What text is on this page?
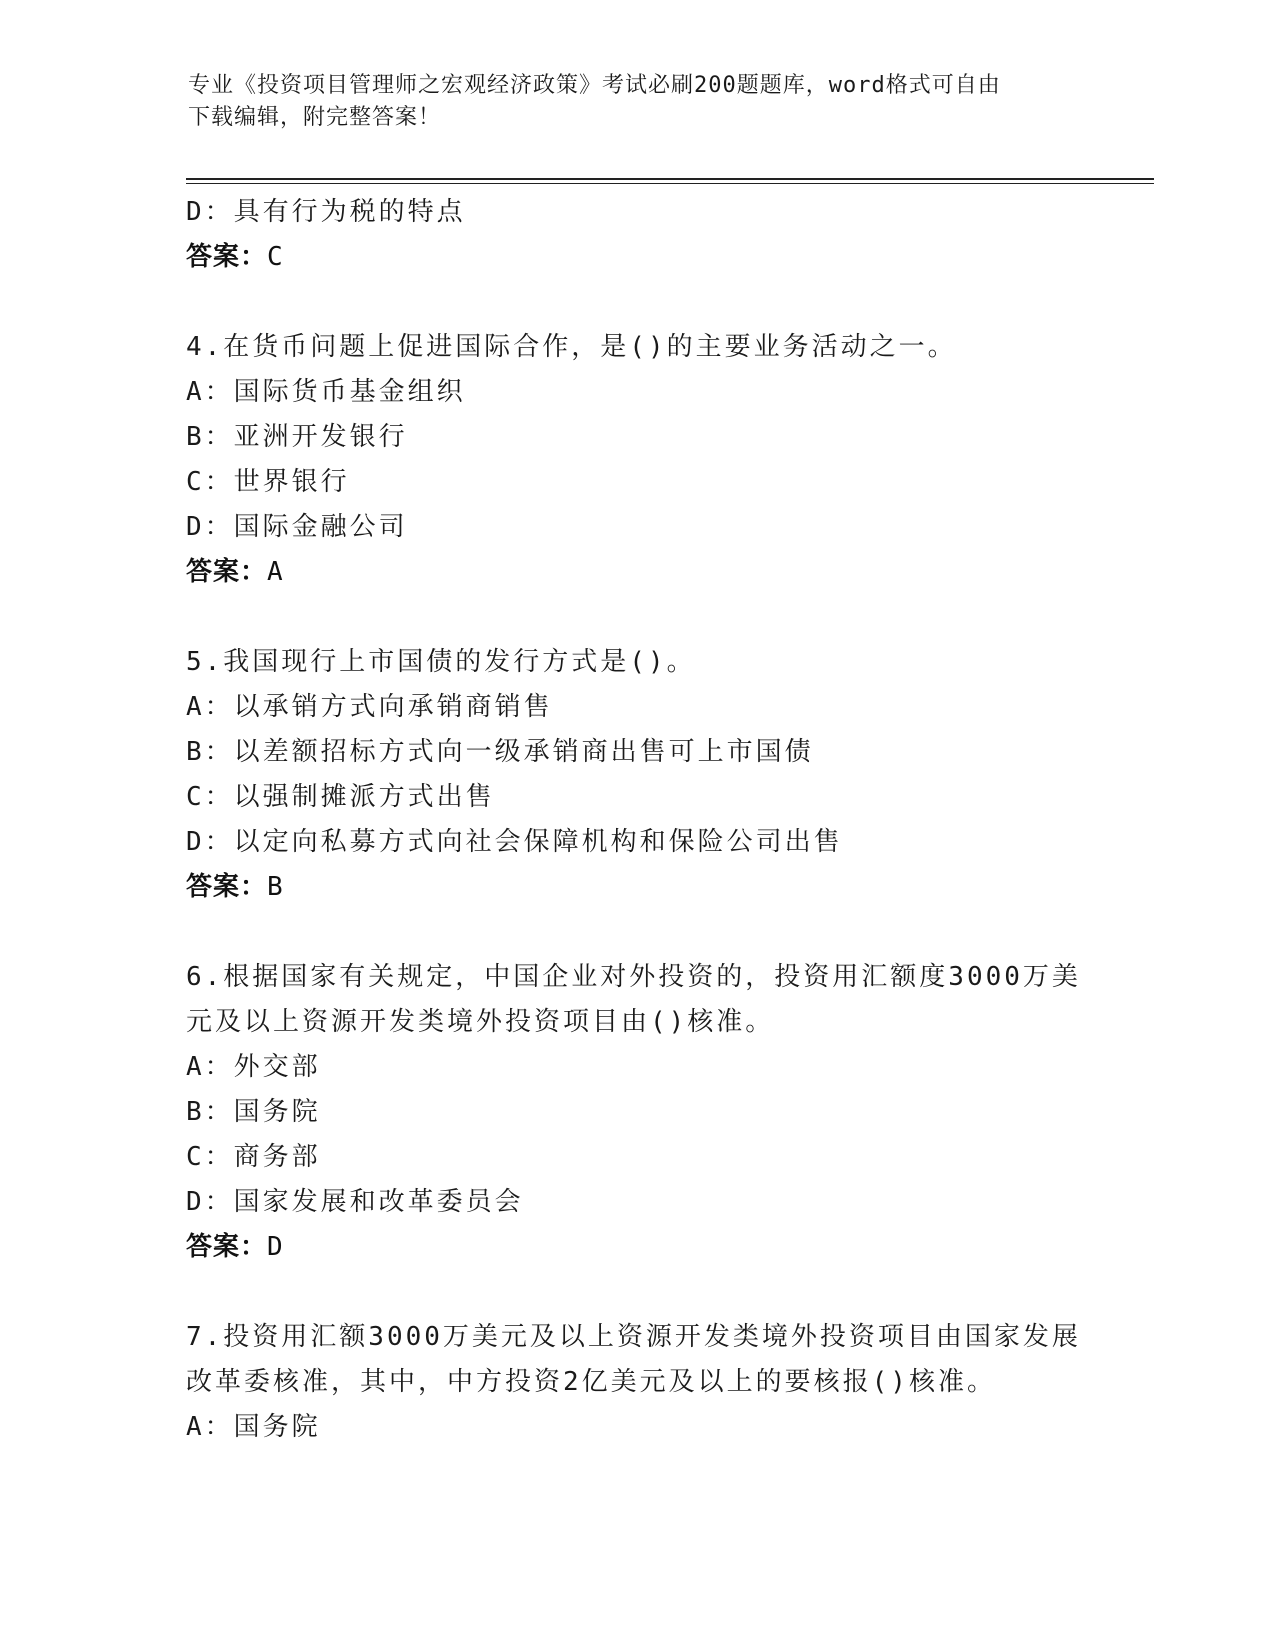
专业《投资项目管理师之宏观经济政策》考试必刷200题题库，word格式可自由
下载编辑，附完整答案！
D：具有行为税的特点
答案：C
4.在货币问题上促进国际合作，是()的主要业务活动之一。
A：国际货币基金组织
B：亚洲开发银行
C：世界银行
D：国际金融公司
答案：A
5.我国现行上市国债的发行方式是()。
A：以承销方式向承销商销售
B：以差额招标方式向一级承销商出售可上市国债
C：以强制摊派方式出售
D：以定向私募方式向社会保障机构和保险公司出售
答案：B
6.根据国家有关规定，中国企业对外投资的，投资用汇额度3000万美
元及以上资源开发类境外投资项目由()核准。
A：外交部
B：国务院
C：商务部
D：国家发展和改革委员会
答案：D
7.投资用汇额3000万美元及以上资源开发类境外投资项目由国家发展
改革委核准，其中，中方投资2亿美元及以上的要核报()核准。
A：国务院
